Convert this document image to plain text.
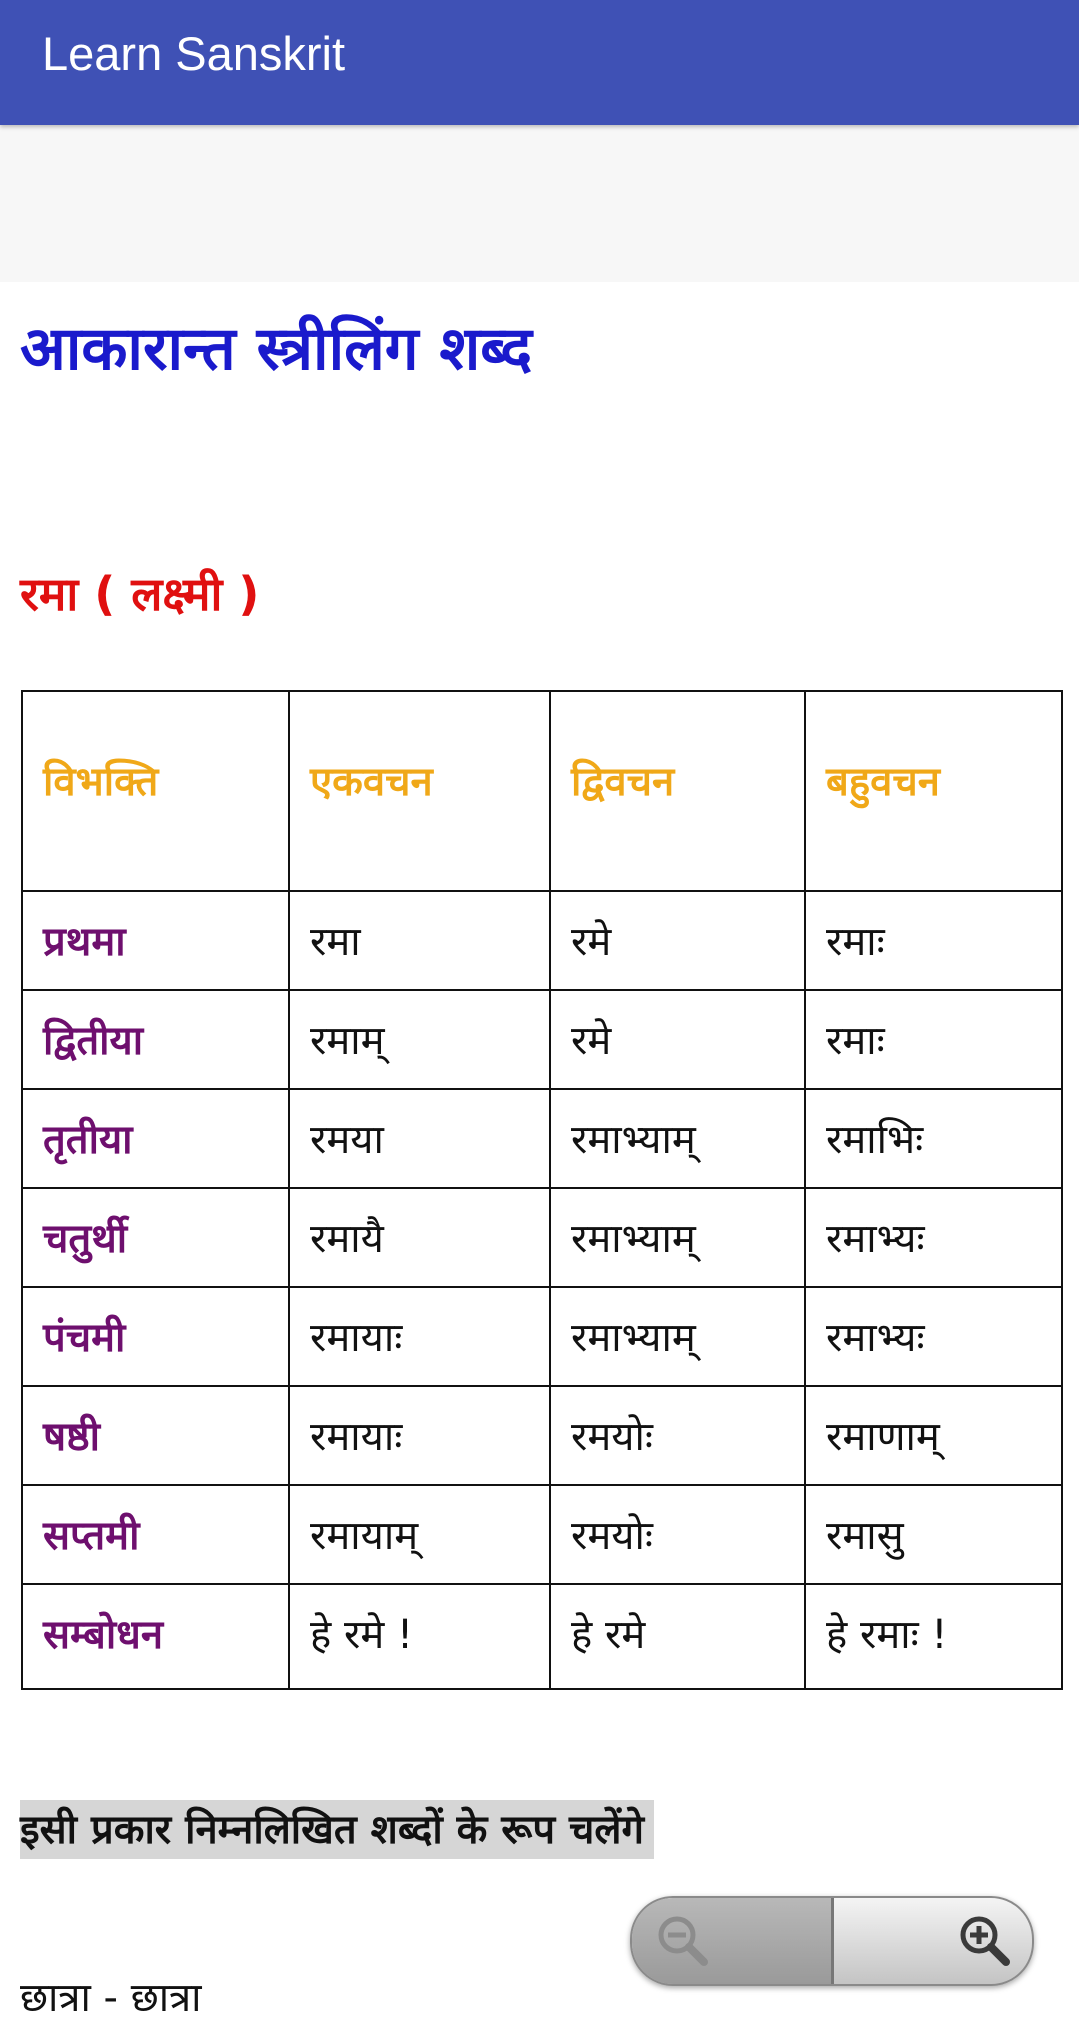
Learn Sanskrit
आकारान्त स्त्रीलिंग शब्द
रमा ( लक्ष्मी )
विभक्ति	एकवचन	द्विवचन	बहुवचन
प्रथमा	रमा	रमे	रमाः
द्वितीया	रमाम्	रमे	रमाः
तृतीया	रमया	रमाभ्याम्	रमाभिः
चतुर्थी	रमायै	रमाभ्याम्	रमाभ्यः
पंचमी	रमायाः	रमाभ्याम्	रमाभ्यः
षष्ठी	रमायाः	रमयोः	रमाणाम्
सप्तमी	रमायाम्	रमयोः	रमासु
सम्बोधन	हे रमे !	हे रमे	हे रमाः !
इसी प्रकार निम्नलिखित शब्दों के रूप चलेंगे
छात्रा - छात्रा
